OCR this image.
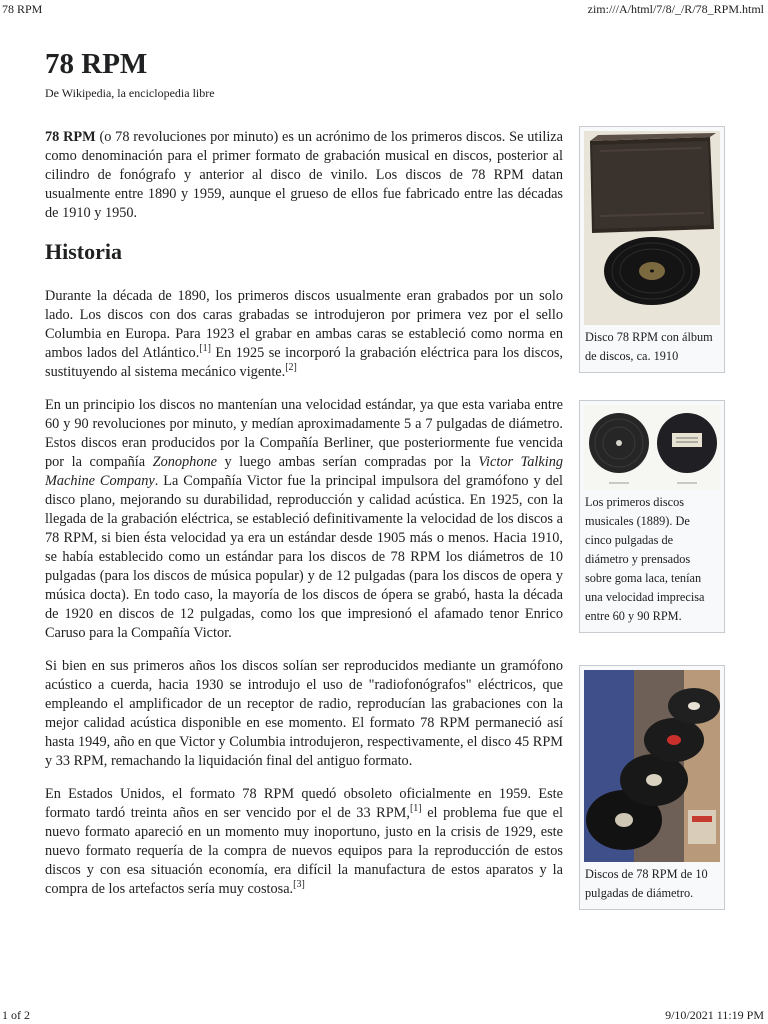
78 RPM	zim:///A/html/7/8/_/R/78_RPM.html
78 RPM
De Wikipedia, la enciclopedia libre
Disco 78 RPM con álbum de discos, ca. 1910

78 RPM (o 78 revoluciones por minuto) es un acrónimo de los primeros discos. Se utiliza como denominación para el primer formato de grabación musical en discos, posterior al cilindro de fonógrafo y anterior al disco de vinilo. Los discos de 78 RPM datan usualmente entre 1890 y 1959, aunque el grueso de ellos fue fabricado entre las décadas de 1910 y 1950.

Historia

Durante la década de 1890, los primeros discos usualmente eran grabados por un solo lado. Los discos con dos caras grabadas se introdujeron por primera vez por el sello Columbia en Europa. Para 1923 el grabar en ambas caras se estableció como norma en ambos lados del Atlántico.[1] En 1925 se incorporó la grabación eléctrica para los discos, sustituyendo al sistema mecánico vigente.[2]

Los primeros discos musicales (1889). De cinco pulgadas de diámetro y prensados sobre goma laca, tenían una velocidad imprecisa entre 60 y 90 RPM.

En un principio los discos no mantenían una velocidad estándar, ya que esta variaba entre 60 y 90 revoluciones por minuto, y medían aproximadamente 5 a 7 pulgadas de diámetro. Estos discos eran producidos por la Compañía Berliner, que posteriormente fue vencida por la compañía Zonophone y luego ambas serían compradas por la Victor Talking Machine Company. La Compañía Victor fue la principal impulsora del gramófono y del disco plano, mejorando su durabilidad, reproducción y calidad acústica. En 1925, con la llegada de la grabación eléctrica, se estableció definitivamente la velocidad de los discos a 78 RPM, si bien ésta velocidad ya era un estándar desde 1905 más o menos. Hacia 1910, se había establecido como un estándar para los discos de 78 RPM los diámetros de 10 pulgadas (para los discos de música popular) y de 12 pulgadas (para los discos de opera y música docta). En todo caso, la mayoría de los discos de ópera se grabó, hasta la década de 1920 en discos de 12 pulgadas, como los que impresionó el afamado tenor Enrico Caruso para la Compañía Victor.

Discos de 78 RPM de 10 pulgadas de diámetro.

Si bien en sus primeros años los discos solían ser reproducidos mediante un gramófono acústico a cuerda, hacia 1930 se introdujo el uso de "radiofonógrafos" eléctricos, que empleando el amplificador de un receptor de radio, reproducían las grabaciones con la mejor calidad acústica disponible en ese momento. El formato 78 RPM permaneció así hasta 1949, año en que Victor y Columbia introdujeron, respectivamente, el disco 45 RPM y 33 RPM, remachando la liquidación final del antiguo formato.

En Estados Unidos, el formato 78 RPM quedó obsoleto oficialmente en 1959. Este formato tardó treinta años en ser vencido por el de 33 RPM,[1] el problema fue que el nuevo formato apareció en un momento muy inoportuno, justo en la crisis de 1929, este nuevo formato requería de la compra de nuevos equipos para la reproducción de estos discos y con esa situación economía, era difícil la manufactura de estos aparatos y la compra de los artefactos sería muy costosa.[3]

1 of 2	9/10/2021 11:19 PM
